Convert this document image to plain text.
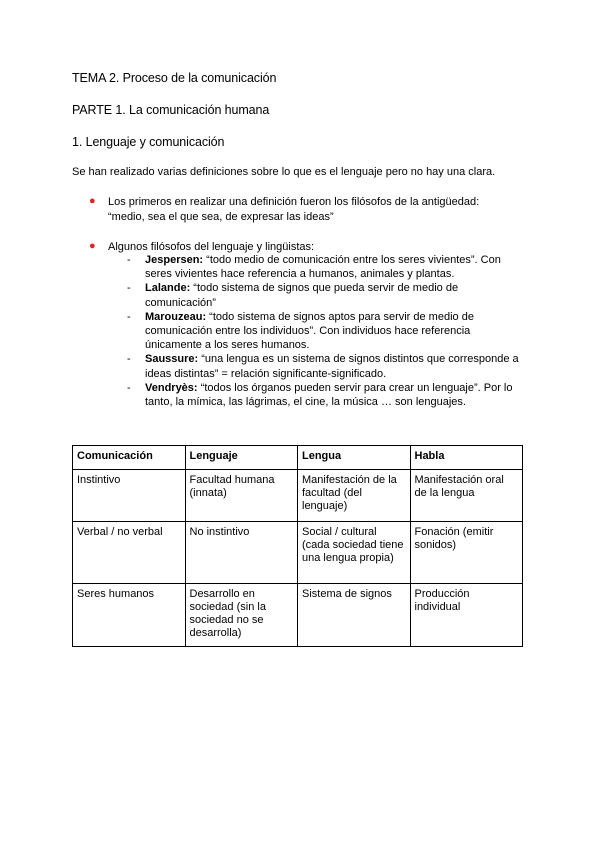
TEMA 2. Proceso de la comunicación
PARTE 1. La comunicación humana
1. Lenguaje y comunicación
Se han realizado varias definiciones sobre lo que es el lenguaje pero no hay una clara.
● Los primeros en realizar una definición fueron los filósofos de la antigüedad:
“medio, sea el que sea, de expresar las ideas”
● Algunos filósofos del lenguaje y lingüistas:
- Jespersen: “todo medio de comunicación entre los seres vivientes”. Con seres vivientes hace referencia a humanos, animales y plantas.
- Lalande: “todo sistema de signos que pueda servir de medio de comunicación”
- Marouzeau: “todo sistema de signos aptos para servir de medio de comunicación entre los individuos”. Con individuos hace referencia únicamente a los seres humanos.
- Saussure: “una lengua es un sistema de signos distintos que corresponde a ideas distintas” = relación significante-significado.
- Vendryès: “todos los órganos pueden servir para crear un lenguaje”. Por lo tanto, la mímica, las lágrimas, el cine, la música … son lenguajes.
Comunicación	Lenguaje	Lengua	Habla
Instintivo	Facultad humana (innata)	Manifestación de la facultad (del lenguaje)	Manifestación oral de la lengua
Verbal / no verbal	No instintivo	Social / cultural (cada sociedad tiene una lengua propia)	Fonación (emitir sonidos)
Seres humanos	Desarrollo en sociedad (sin la sociedad no se desarrolla)	Sistema de signos	Producción individual
